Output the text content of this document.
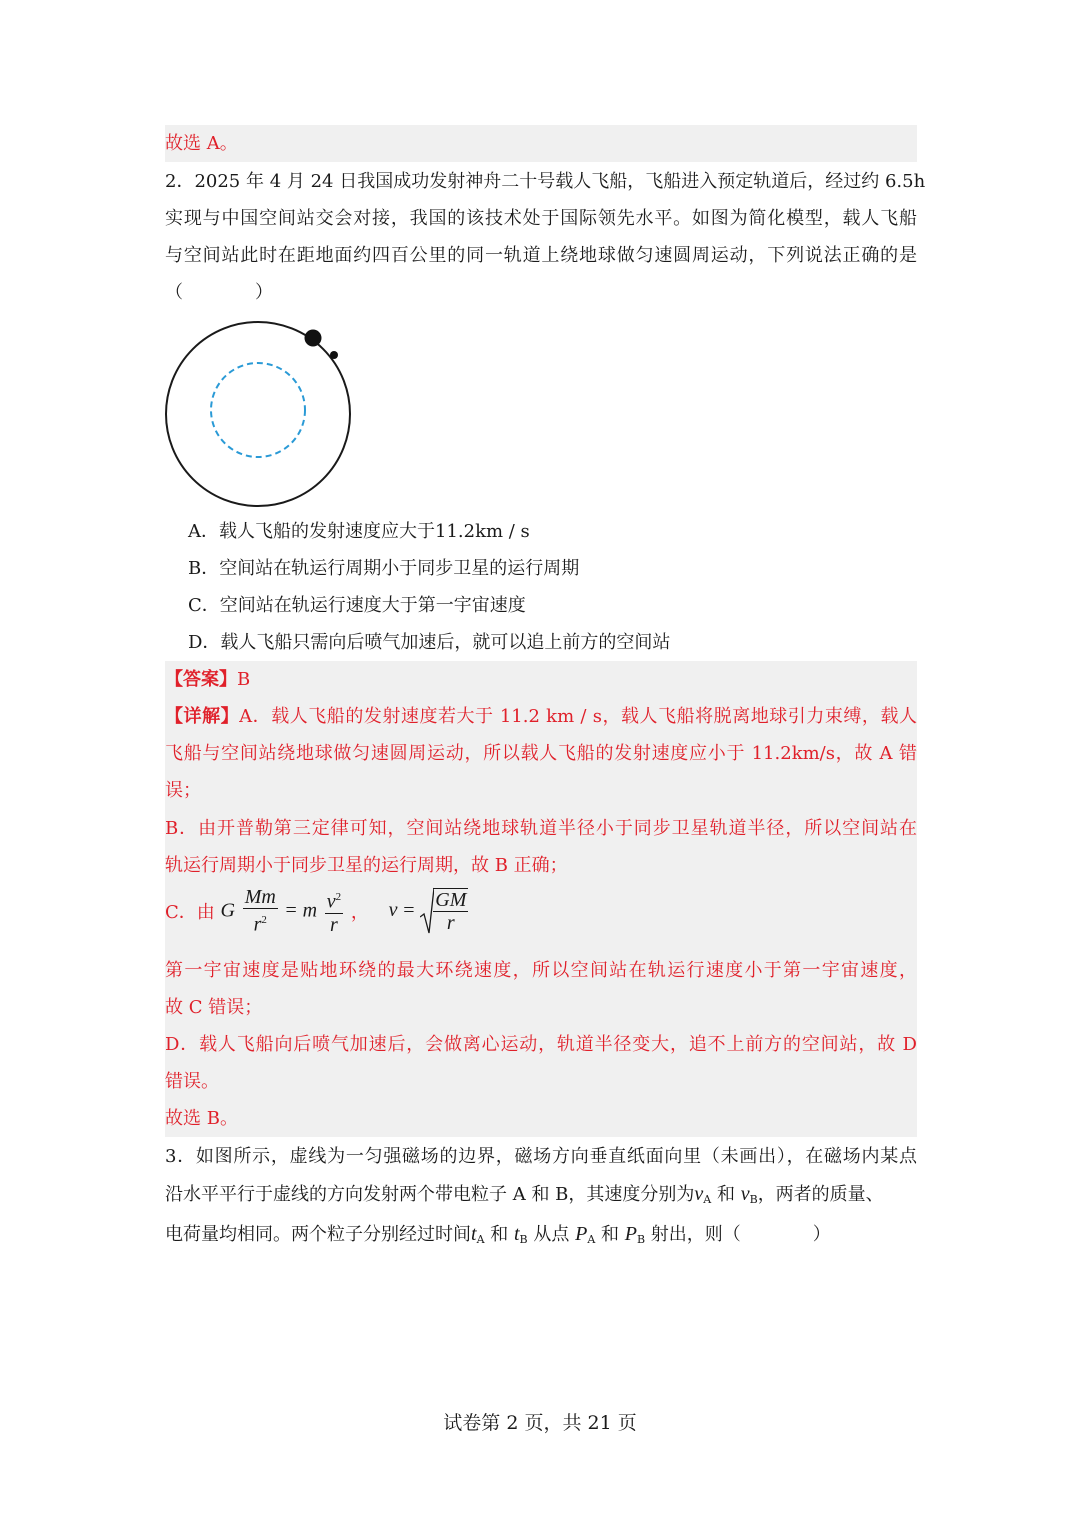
故选 A。
2．2025 年 4 月 24 日我国成功发射神舟二十号载人飞船，飞船进入预定轨道后，经过约 6.5h
实现与中国空间站交会对接，我国的该技术处于国际领先水平。如图为简化模型，载人飞船
与空间站此时在距地面约四百公里的同一轨道上绕地球做匀速圆周运动，下列说法正确的是
（　　　　）
A．载人飞船的发射速度应大于11.2km / s
B．空间站在轨运行周期小于同步卫星的运行周期
C．空间站在轨运行速度大于第一宇宙速度
D．载人飞船只需向后喷气加速后，就可以追上前方的空间站
【答案】B
【详解】A．载人飞船的发射速度若大于 11.2 km / s，载人飞船将脱离地球引力束缚，载人
飞船与空间站绕地球做匀速圆周运动，所以载人飞船的发射速度应小于 11.2km/s，故 A 错
误；
B．由开普勒第三定律可知，空间站绕地球轨道半径小于同步卫星轨道半径，所以空间站在
轨运行周期小于同步卫星的运行周期，故 B 正确；
C．由 G $\frac{Mm}{r^2} = m \frac{v^2}{r}$ ， $v = \frac{GM}{r}$
第一宇宙速度是贴地环绕的最大环绕速度，所以空间站在轨运行速度小于第一宇宙速度，
故 C 错误；
D．载人飞船向后喷气加速后，会做离心运动，轨道半径变大，追不上前方的空间站，故 D
错误。
故选 B。
3．如图所示，虚线为一匀强磁场的边界，磁场方向垂直纸面向里（未画出），在磁场内某点
沿水平平行于虚线的方向发射两个带电粒子 A 和 B，其速度分别为$v_A$ 和 $v_B$，两者的质量、
电荷量均相同。两个粒子分别经过时间$t_A$ 和 $t_B$ 从点 $P_A$ 和 $P_B$ 射出，则（　　　　）
试卷第 2 页，共 21 页
